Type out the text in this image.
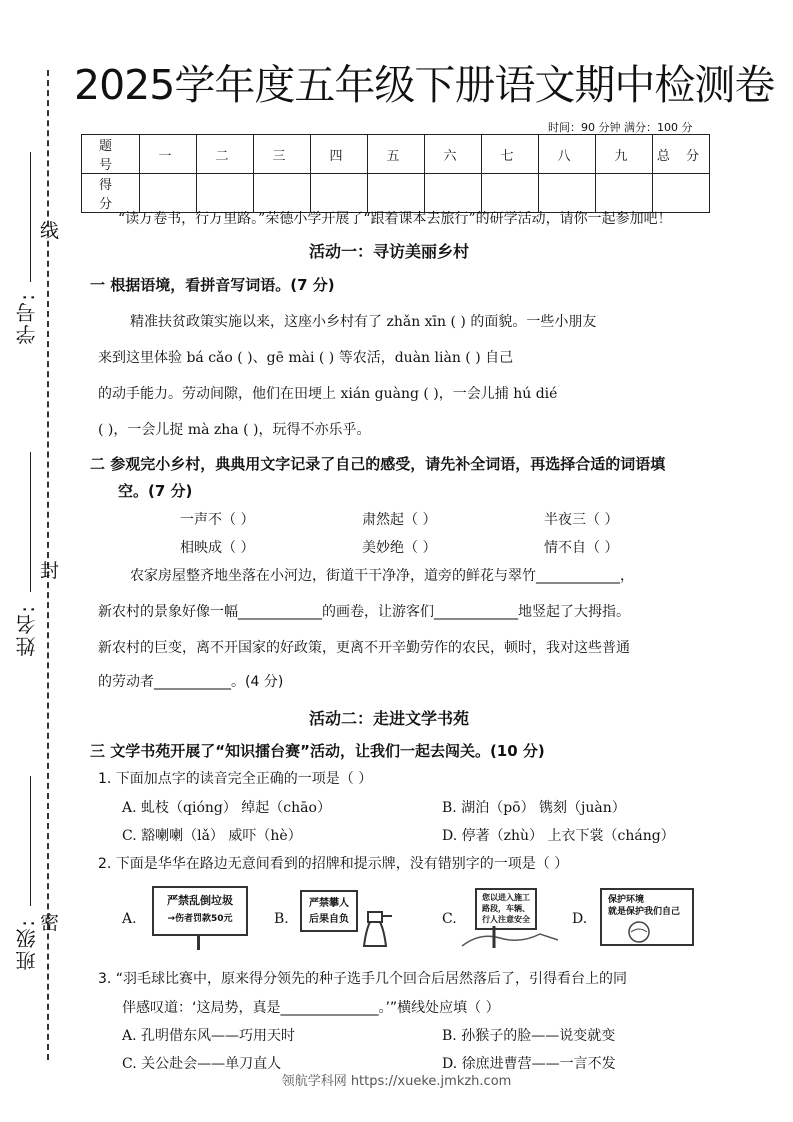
线
封
密
学号:
姓名:
班级:
2025学年度五年级下册语文期中检测卷
时间：90 分钟 满分：100 分
题 号	一	二	三	四	五	六	七	八	九	总 分
得 分										
“读万卷书，行万里路。”荣德小学开展了“跟着课本去旅行”的研学活动，请你一起参加吧！
活动一：寻访美丽乡村
一 根据语境，看拼音写词语。(7 分)
精准扶贫政策实施以来，这座小乡村有了 zhǎn xīn ( ) 的面貌。一些小朋友
来到这里体验 bá cǎo ( )、gē mài ( ) 等农活，duàn liàn ( ) 自己
的动手能力。劳动间隙，他们在田埂上 xián guàng ( )，一会儿捕 hú dié
( )，一会儿捉 mà zha ( )，玩得不亦乐乎。
二 参观完小乡村，典典用文字记录了自己的感受，请先补全词语，再选择合适的词语填
空。(7 分)
一声不（ ）	肃然起（ ）	半夜三（ ）
相映成（ ）	美妙绝（ ）	情不自（ ）
农家房屋整齐地坐落在小河边，街道干干净净，道旁的鲜花与翠竹____________，
新农村的景象好像一幅____________的画卷，让游客们____________地竖起了大拇指。
新农村的巨变，离不开国家的好政策，更离不开辛勤劳作的农民，顿时，我对这些普通
的劳动者___________。(4 分)
活动二：走进文学书苑
三 文学书苑开展了“知识擂台赛”活动，让我们一起去闯关。(10 分)
1. 下面加点字的读音完全正确的一项是（ ）
A. 虬枝（qióng） 绰起（chāo）	B. 湖泊（pō） 镌刻（juàn）
C. 豁喇喇（lǎ） 威吓（hè）	D. 停著（zhù） 上衣下裳（cháng）
2. 下面是华华在路边无意间看到的招牌和提示牌，没有错别字的一项是（ ）
A.
严禁乱倒垃圾
→伤者罚款50元	B.
严禁攀人
后果自负	C.
您以进入施工
路段，车辆、
行人注意安全	D.
保护环境
就是保护我们自己
3. “羽毛球比赛中，原来得分领先的种子选手几个回合后居然落后了，引得看台上的同
伴感叹道：‘这局势，真是______________。’”横线处应填（ ）
A. 孔明借东风——巧用天时	B. 孙猴子的脸——说变就变
C. 关公赴会——单刀直人	D. 徐庶进曹营——一言不发
领航学科网 https://xueke.jmkzh.com
